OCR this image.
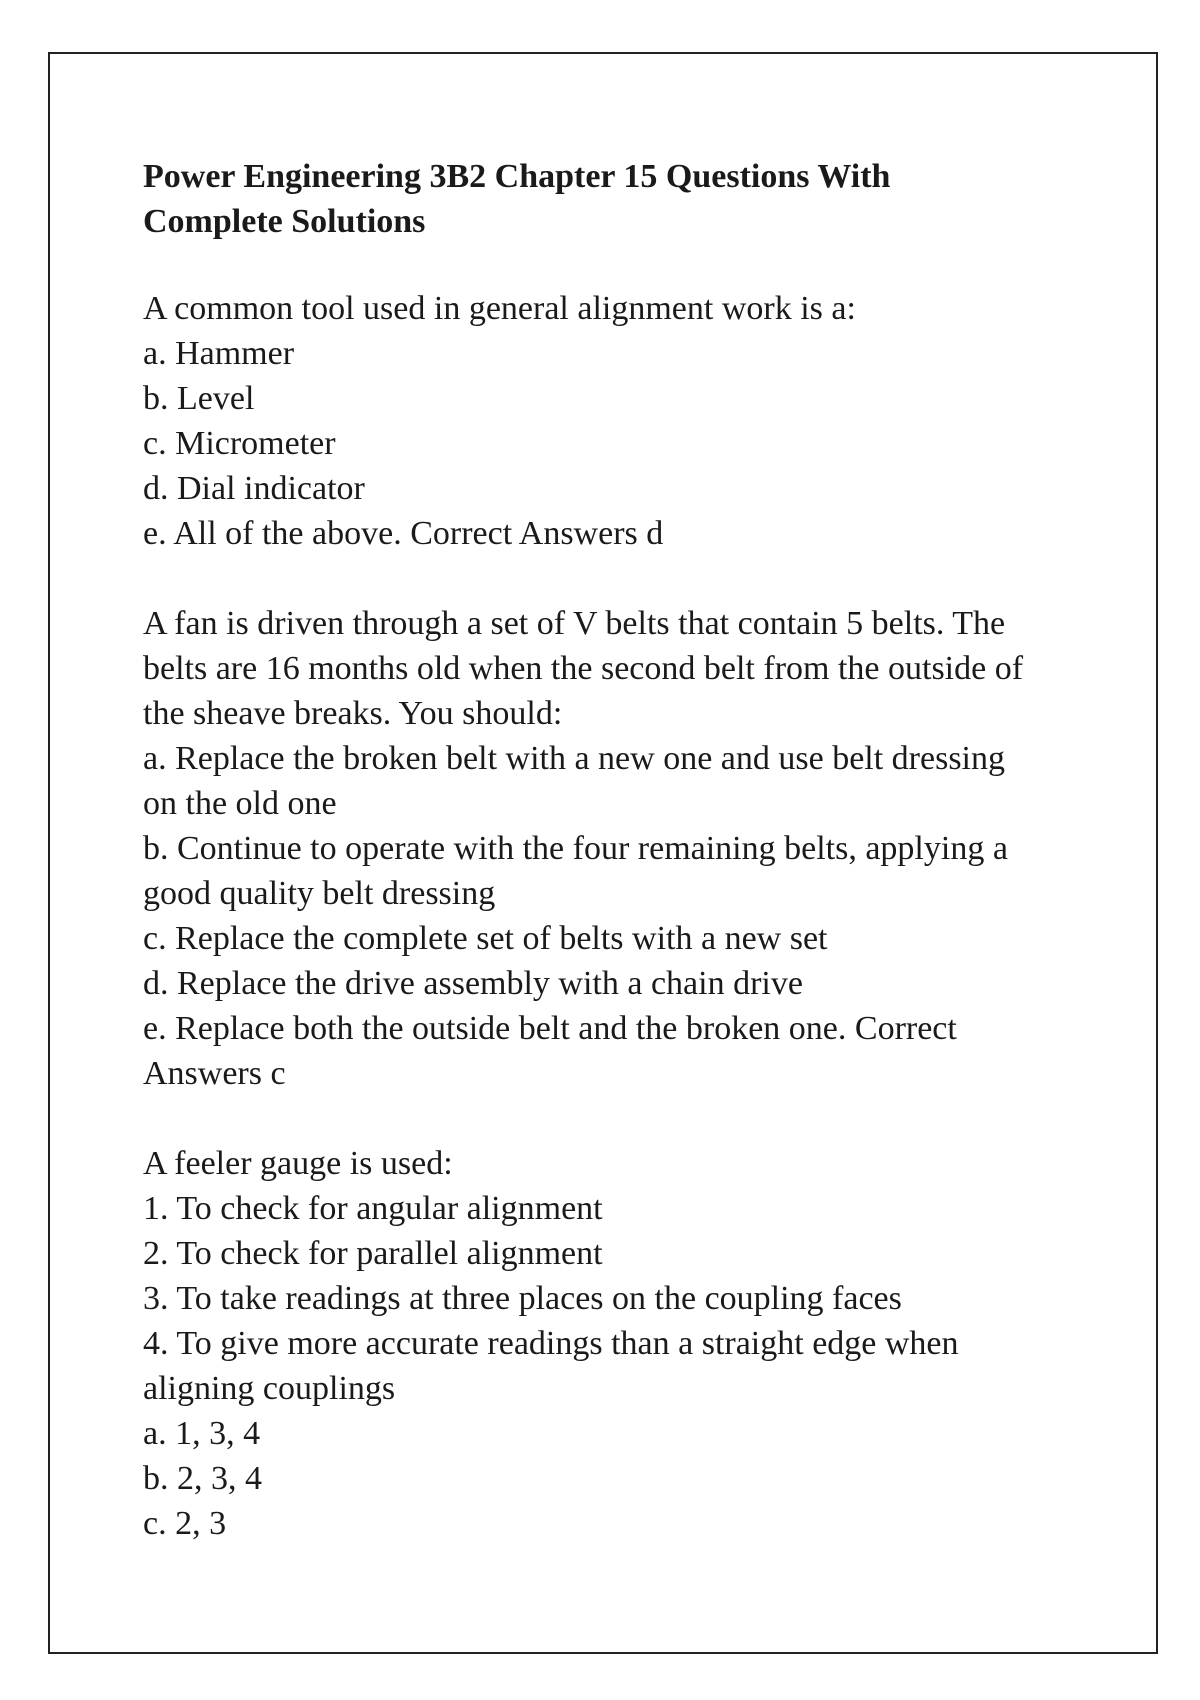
Power Engineering 3B2 Chapter 15 Questions With Complete Solutions
A common tool used in general alignment work is a:
a. Hammer
b. Level
c. Micrometer
d. Dial indicator
e. All of the above. Correct Answers d
A fan is driven through a set of V belts that contain 5 belts. The
belts are 16 months old when the second belt from the outside of
the sheave breaks. You should:
a. Replace the broken belt with a new one and use belt dressing
on the old one
b. Continue to operate with the four remaining belts, applying a
good quality belt dressing
c. Replace the complete set of belts with a new set
d. Replace the drive assembly with a chain drive
e. Replace both the outside belt and the broken one. Correct
Answers c
A feeler gauge is used:
1. To check for angular alignment
2. To check for parallel alignment
3. To take readings at three places on the coupling faces
4. To give more accurate readings than a straight edge when
aligning couplings
a. 1, 3, 4
b. 2, 3, 4
c. 2, 3
